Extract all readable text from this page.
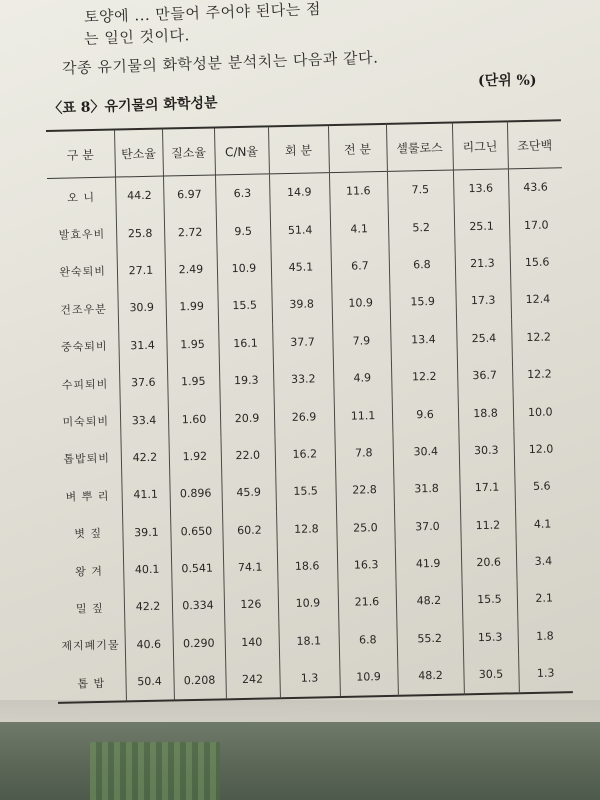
토양에 ... 만들어 주어야 된다는 점
는 일인 것이다.
각종 유기물의 화학성분 분석치는 다음과 같다.
〈표 8〉유기물의 화학성분
(단위 %)
구 분	탄소율	질소율	C/N율	회 분	전 분	셀룰로스	리그닌	조단백
오 니	44.2	6.97	6.3	14.9	11.6	7.5	13.6	43.6
발효우비	25.8	2.72	9.5	51.4	4.1	5.2	25.1	17.0
완숙퇴비	27.1	2.49	10.9	45.1	6.7	6.8	21.3	15.6
건조우분	30.9	1.99	15.5	39.8	10.9	15.9	17.3	12.4
중숙퇴비	31.4	1.95	16.1	37.7	7.9	13.4	25.4	12.2
수피퇴비	37.6	1.95	19.3	33.2	4.9	12.2	36.7	12.2
미숙퇴비	33.4	1.60	20.9	26.9	11.1	9.6	18.8	10.0
톱밥퇴비	42.2	1.92	22.0	16.2	7.8	30.4	30.3	12.0
벼 뿌 리	41.1	0.896	45.9	15.5	22.8	31.8	17.1	5.6
볏 짚	39.1	0.650	60.2	12.8	25.0	37.0	11.2	4.1
왕 겨	40.1	0.541	74.1	18.6	16.3	41.9	20.6	3.4
밀 짚	42.2	0.334	126	10.9	21.6	48.2	15.5	2.1
제지폐기물	40.6	0.290	140	18.1	6.8	55.2	15.3	1.8
톱 밥	50.4	0.208	242	1.3	10.9	48.2	30.5	1.3
